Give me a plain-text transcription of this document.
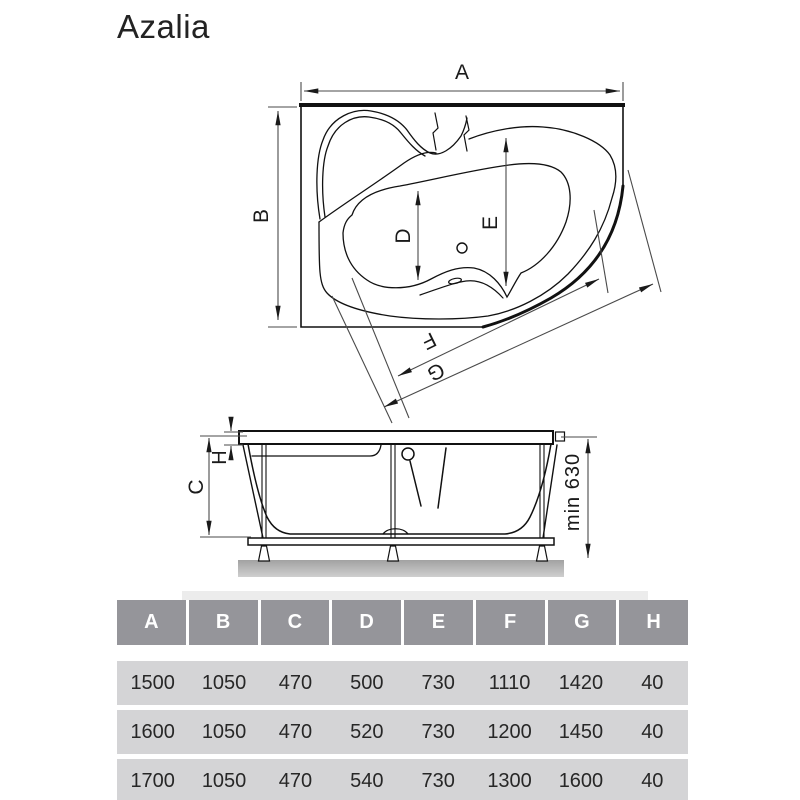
Azalia
A
B
D
E
F
G
H
C	min 630
A	B	C	D	E	F	G	H
1500	1050	470	500	730	1110	1420	40
1600	1050	470	520	730	1200	1450	40
1700	1050	470	540	730	1300	1600	40
